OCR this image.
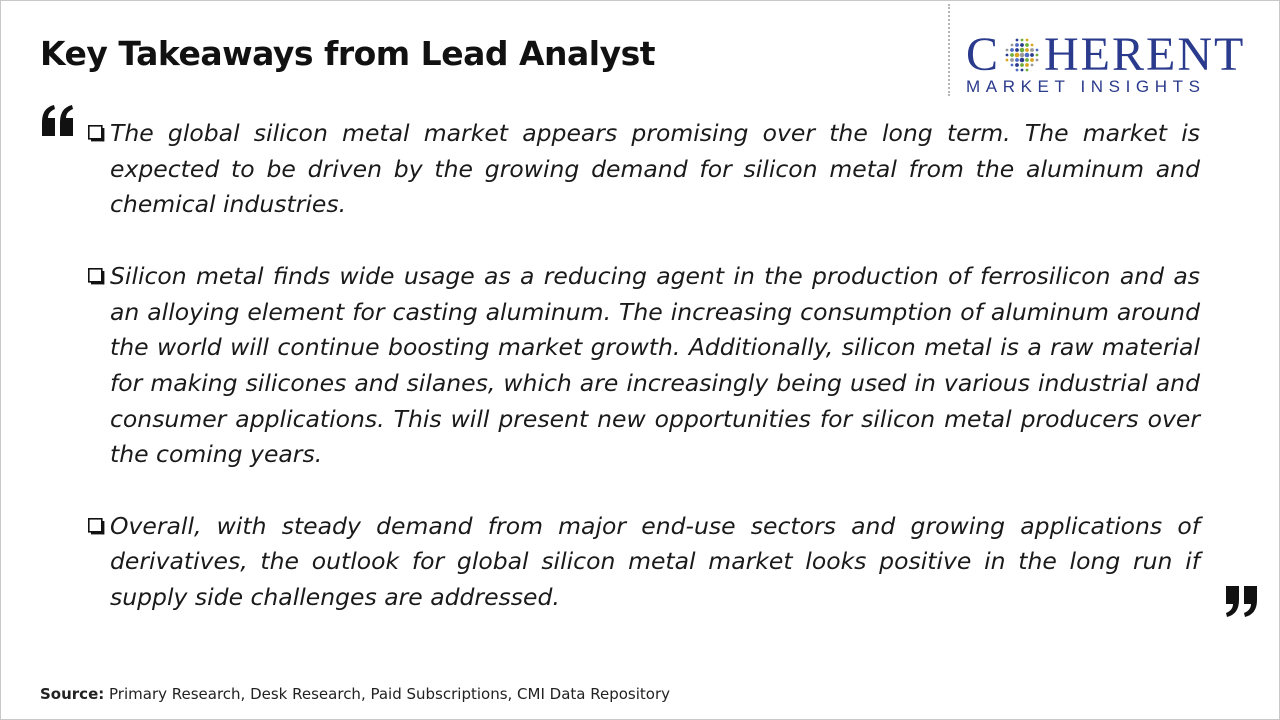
Key Takeaways from Lead Analyst	C HERENT
MARKET INSIGHTS
The global silicon metal market appears promising over the long term. The market is expected to be driven by the growing demand for silicon metal from the aluminum and chemical industries.
Silicon metal finds wide usage as a reducing agent in the production of ferrosilicon and as an alloying element for casting aluminum. The increasing consumption of aluminum around the world will continue boosting market growth. Additionally, silicon metal is a raw material for making silicones and silanes, which are increasingly being used in various industrial and consumer applications. This will present new opportunities for silicon metal producers over the coming years.
Overall, with steady demand from major end-use sectors and growing applications of derivatives, the outlook for global silicon metal market looks positive in the long run if supply side challenges are addressed.
Source: Primary Research, Desk Research, Paid Subscriptions, CMI Data Repository
